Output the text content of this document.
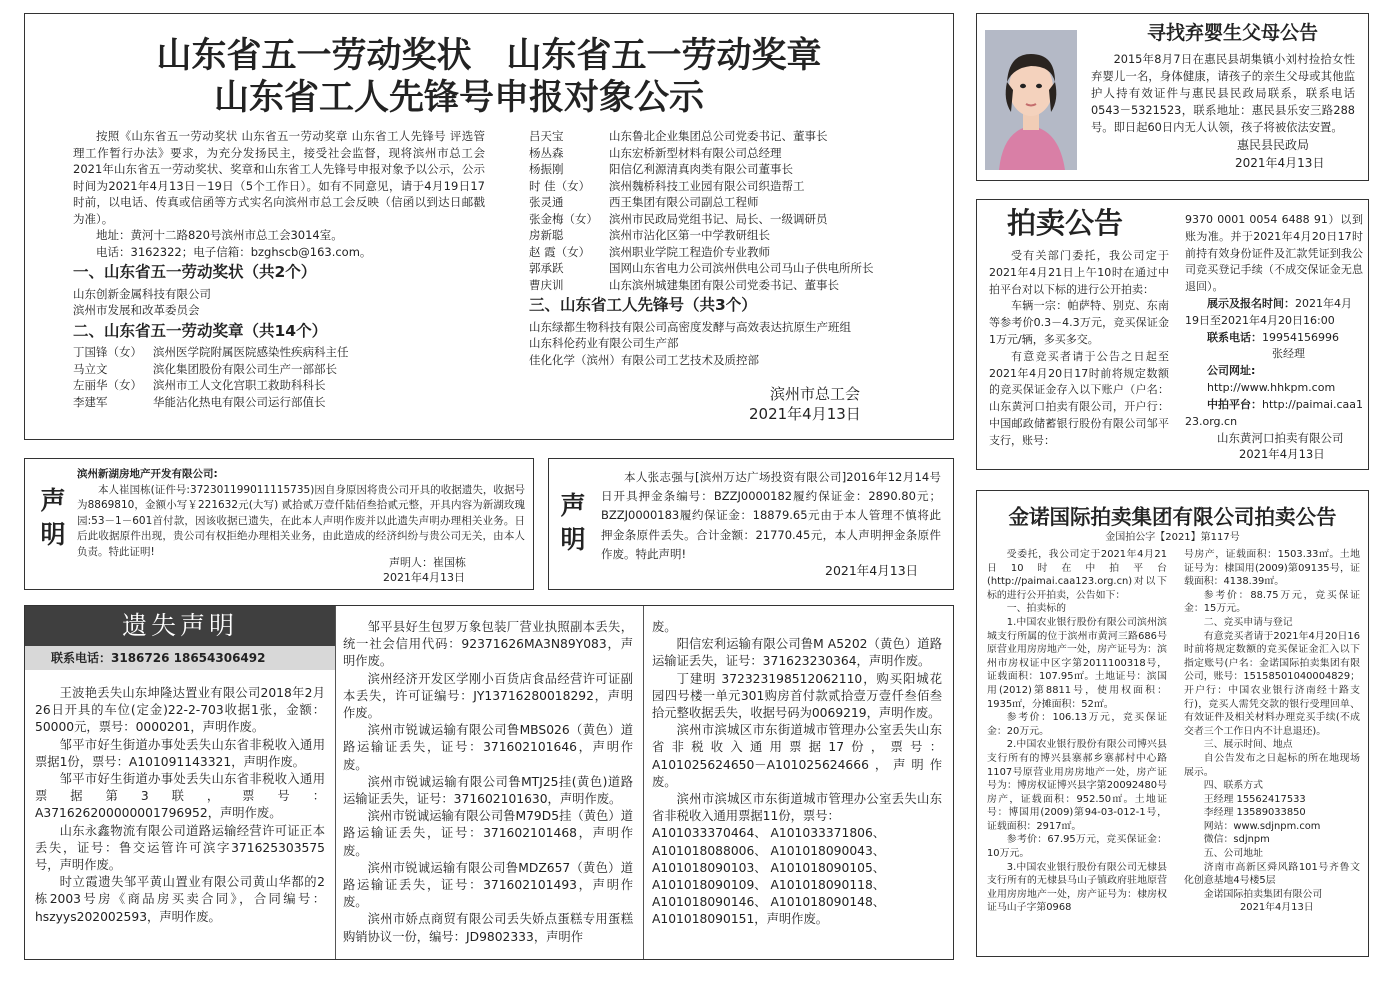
山东省五一劳动奖状　山东省五一劳动奖章
山东省工人先锋号申报对象公示

按照《山东省五一劳动奖状 山东省五一劳动奖章 山东省工人先锋号 评选管理工作暂行办法》要求，为充分发扬民主，接受社会监督，现将滨州市总工会2021年山东省五一劳动奖状、奖章和山东省工人先锋号申报对象予以公示，公示时间为2021年4月13日－19日（5个工作日）。如有不同意见，请于4月19日17时前，以电话、传真或信函等方式实名向滨州市总工会反映（信函以到达日邮戳为准）。

地址：黄河十二路820号滨州市总工会3014室。

电话：3162322；电子信箱：bzghscb@163.com。

一、山东省五一劳动奖状（共2个）

山东创新金属科技有限公司

滨州市发展和改革委员会

二、山东省五一劳动奖章（共14个）
丁国锋（女） 滨州医学院附属医院感染性疾病科主任
马立文	滨化集团股份有限公司生产一部部长
左丽华（女） 滨州市工人文化宫职工救助科科长
李建军	华能沾化热电有限公司运行部值长
吕天宝	山东鲁北企业集团总公司党委书记、董事长
杨丛森	山东宏桥新型材料有限公司总经理
杨振刚	阳信亿利源清真肉类有限公司董事长
时 佳（女）	滨州魏桥科技工业园有限公司织造帮工
张灵通	西王集团有限公司副总工程师
张金梅（女） 滨州市民政局党组书记、局长、一级调研员
房新聪	滨州市沾化区第一中学教研组长
赵 霞（女）	滨州职业学院工程造价专业教师
郭承跃	国网山东省电力公司滨州供电公司马山子供电所所长
曹庆训	山东滨州城建集团有限公司党委书记、董事长
三、山东省工人先锋号（共3个）

山东绿都生物科技有限公司高密度发酵与高效表达抗原生产班组

山东科伦药业有限公司生产部

佳化化学（滨州）有限公司工艺技术及质控部

滨州市总工会
2021年4月13日
寻找弃婴生父母公告

2015年8月7日在惠民县胡集镇小刘村捡拾女性弃婴儿一名，身体健康，请孩子的亲生父母或其他监护人持有效证件与惠民县民政局联系，联系电话0543－5321523，联系地址：惠民县乐安三路288号。即日起60日内无人认领，孩子将被依法安置。

惠民县民政局
2021年4月13日
拍卖公告

受有关部门委托，我公司定于2021年4月21日上午10时在通过中拍平台对以下标的进行公开拍卖：

车辆一宗：帕萨特、别克、东南等参考价0.3－4.3万元，竞买保证金1万元/辆，多买多交。

有意竞买者请于公告之日起至2021年4月20日17时前将规定数额的竞买保证金存入以下账户（户名：山东黄河口拍卖有限公司，开户行：中国邮政储蓄银行股份有限公司邹平支行，账号：

9370 0001 0054 6488 91）以到账为准。并于2021年4月20日17时前持有效身份证件及汇款凭证到我公司竞买登记手续（不成交保证金无息退回）。

展示及报名时间：2021年4月19日至2021年4月20日16:00

联系电话：19954156996

张经理

公司网址:

http://www.hhkpm.com

中拍平台：http://paimai.caa123.org.cn

山东黄河口拍卖有限公司
2021年4月13日
声明

滨州新湖房地产开发有限公司:

本人崔国栋(证件号:372301199011115735)因自身原因将贵公司开具的收据遗失，收据号为8869810，金额小写￥221632元(大写) 贰拾贰万壹仟陆佰叁拾贰元整，开具内容为新湖玫瑰园:53－1－601首付款，因该收据已遗失，在此本人声明作废并以此遗失声明办理相关业务。日后此收据原件出现，贵公司有权拒绝办理相关业务，由此造成的经济纠纷与贵公司无关，由本人负责。特此证明!

声明人：崔国栋
2021年4月13日
声明

本人张志强与[滨州万达广场投资有限公司]2016年12月14号日开具押金条编号：BZZJ0000182履约保证金：2890.80元；BZZJ0000183履约保证金：18879.65元由于本人管理不慎将此押金条原件丢失。合计金额：21770.45元，本人声明押金条原件作废。特此声明!

2021年4月13日
遗失声明
联系电话：3186726 18654306492

王波艳丢失山东坤隆达置业有限公司2018年2月26日开具的车位(定金)22-2-703收据1张，金额：50000元，票号：0000201，声明作废。

邹平市好生街道办事处丢失山东省非税收入通用票据1份，票号：A101091143321，声明作废。

邹平市好生街道办事处丢失山东省非税收入通用票据第3联，票号：A371626200000001796952，声明作废。

山东永鑫物流有限公司道路运输经营许可证正本丢失，证号：鲁交运管许可滨字371625303575号，声明作废。

时立霞遗失邹平黄山置业有限公司黄山华都的2栋2003号房《商品房买卖合同》，合同编号：hszyys202002593，声明作废。

邹平县好生包罗万象包装厂营业执照副本丢失，统一社会信用代码：92371626MA3N89Y083，声明作废。

滨州经济开发区学刚小百货店食品经营许可证副本丢失，许可证编号：JY13716280018292，声明作废。

滨州市锐诚运输有限公司鲁MBS026（黄色）道路运输证丢失，证号：371602101646，声明作废。

滨州市锐诚运输有限公司鲁MTJ25挂(黄色)道路运输证丢失，证号：371602101630，声明作废。

滨州市锐诚运输有限公司鲁M79D5挂（黄色）道路运输证丢失，证号：371602101468，声明作废。

滨州市锐诚运输有限公司鲁MDZ657（黄色）道路运输证丢失，证号：371602101493，声明作废。

滨州市娇点商贸有限公司丢失娇点蛋糕专用蛋糕购销协议一份，编号：JD9802333，声明作

废。

阳信宏利运输有限公司鲁M A5202（黄色）道路运输证丢失，证号：371623230364，声明作废。

丁建明 372323198512062110，购买阳城花园四号楼一单元301购房首付款贰拾壹万壹仟叁佰叁拾元整收据丢失，收据号码为0069219，声明作废。

滨州市滨城区市东街道城市管理办公室丢失山东省非税收入通用票据17份，票号：A101025624650－A101025624666，声明作废。

滨州市滨城区市东街道城市管理办公室丢失山东省非税收入通用票据11份，票号：

A101033370464、 A101033371806、

A101018088006、 A101018090043、

A101018090103、 A101018090105、

A101018090109、 A101018090118、

A101018090146、 A101018090148、

A101018090151，声明作废。

金诺国际拍卖集团有限公司拍卖公告
金国拍公字【2021】第117号

受委托，我公司定于2021年4月21日10时在中拍平台(http://paimai.caa123.org.cn)对以下标的进行公开拍卖，公告如下：

一、拍卖标的

1.中国农业银行股份有限公司滨州滨城支行所属的位于滨州市黄河三路686号原营业用房房地产一处，房产证号为：滨州市房权证中区字第2011100318号，证载面积：107.95㎡。土地证号：滨国用(2012)第8811号，使用权面积：1935㎡，分摊面积：52㎡。

参考价：106.13万元，竞买保证金：20万元。

2.中国农业银行股份有限公司博兴县支行所有的博兴县寨郝乡寨郝村中心路1107号原营业用房房地产一处，房产证号为：博房权证博兴县字第20092480号房产，证载面积：952.50㎡。土地证号：博国用(2009)第94-03-012-1号，证载面积：2917㎡。

参考价：67.95万元，竞买保证金：10万元。

3.中国农业银行股份有限公司无棣县支行所有的无棣县马山子镇政府驻地原营业用房房地产一处，房产证号为：棣房权证马山子字第0968

号房产，证载面积：1503.33㎡。土地证号为：棣国用(2009)第09135号，证载面积：4138.39㎡。

参考价：88.75万元，竞买保证金：15万元。

二、竞买申请与登记

有意竞买者请于2021年4月20日16时前将规定数额的竞买保证金汇入以下指定账号(户名：金诺国际拍卖集团有限公司，账号：15158501040004829；开户行：中国农业银行济南经十路支行)，竞买人需凭交款的银行受理回单、有效证件及相关材料办理竞买手续(不成交者三个工作日内不计息退还)。

三、展示时间、地点

自公告发布之日起标的所在地现场展示。

四、联系方式

王经理 15562417533

李经理 13589033850

网站：www.sdjnpm.com

微信：sdjnpm

五、公司地址

济南市高新区舜风路101号齐鲁文化创意基地4号楼5层

金诺国际拍卖集团有限公司

2021年4月13日
